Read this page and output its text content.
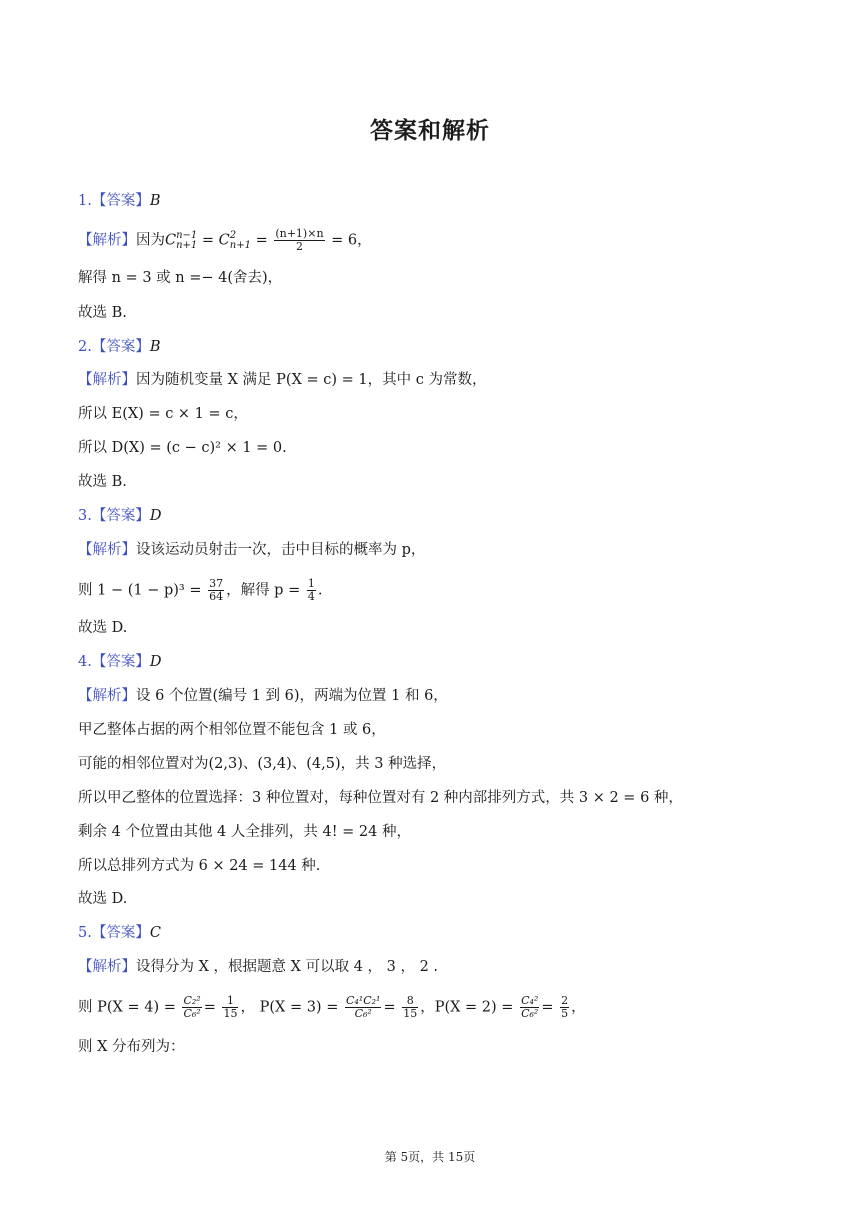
答案和解析
1.【答案】B
【解析】因为C n−1
n+1 = C 2
$n+1 = \frac{(n+1)\times n}{2} = 6$，
解得 n = 3 或 n =− 4(舍去)，
故选 B.
2.【答案】B
【解析】因为随机变量 X 满足 P(X = c) = 1，其中 c 为常数，
所以 E(X) = c × 1 = c，
所以 D(X) = (c − c)² × 1 = 0.
故选 B.
3.【答案】D
【解析】设该运动员射击一次，击中目标的概率为 p，
则 $1 - (1 - p)^3 = \frac{37}{64}$ ，解得 $p = \frac{1}{4}$ .
故选 D.
4.【答案】D
【解析】设 6 个位置(编号 1 到 6)，两端为位置 1 和 6，
甲乙整体占据的两个相邻位置不能包含 1 或 6，
可能的相邻位置对为(2,3)、(3,4)、(4,5)，共 3 种选择，
所以甲乙整体的位置选择：3 种位置对，每种位置对有 2 种内部排列方式，共 3 × 2 = 6 种，
剩余 4 个位置由其他 4 人全排列，共 4! = 24 种，
所以总排列方式为 6 × 24 = 144 种.
故选 D.
5.【答案】C
【解析】设得分为 X ，根据题意 X 可以取 4 ， 3 ， 2 .
则 $P(X = 4) = \frac{\text{C₂²}}{\text{C₆²}} = \frac{1}{15}$ ， $P(X = 3) = \frac{\text{C₄¹C₂¹}}{\text{C₆²}} = \frac{8}{15}$ ，$P(X = 2) = \frac{\text{C₄²}}{\text{C₆²}} = \frac{2}{5}$ ，
则 X 分布列为：
第 5页，共 15页
